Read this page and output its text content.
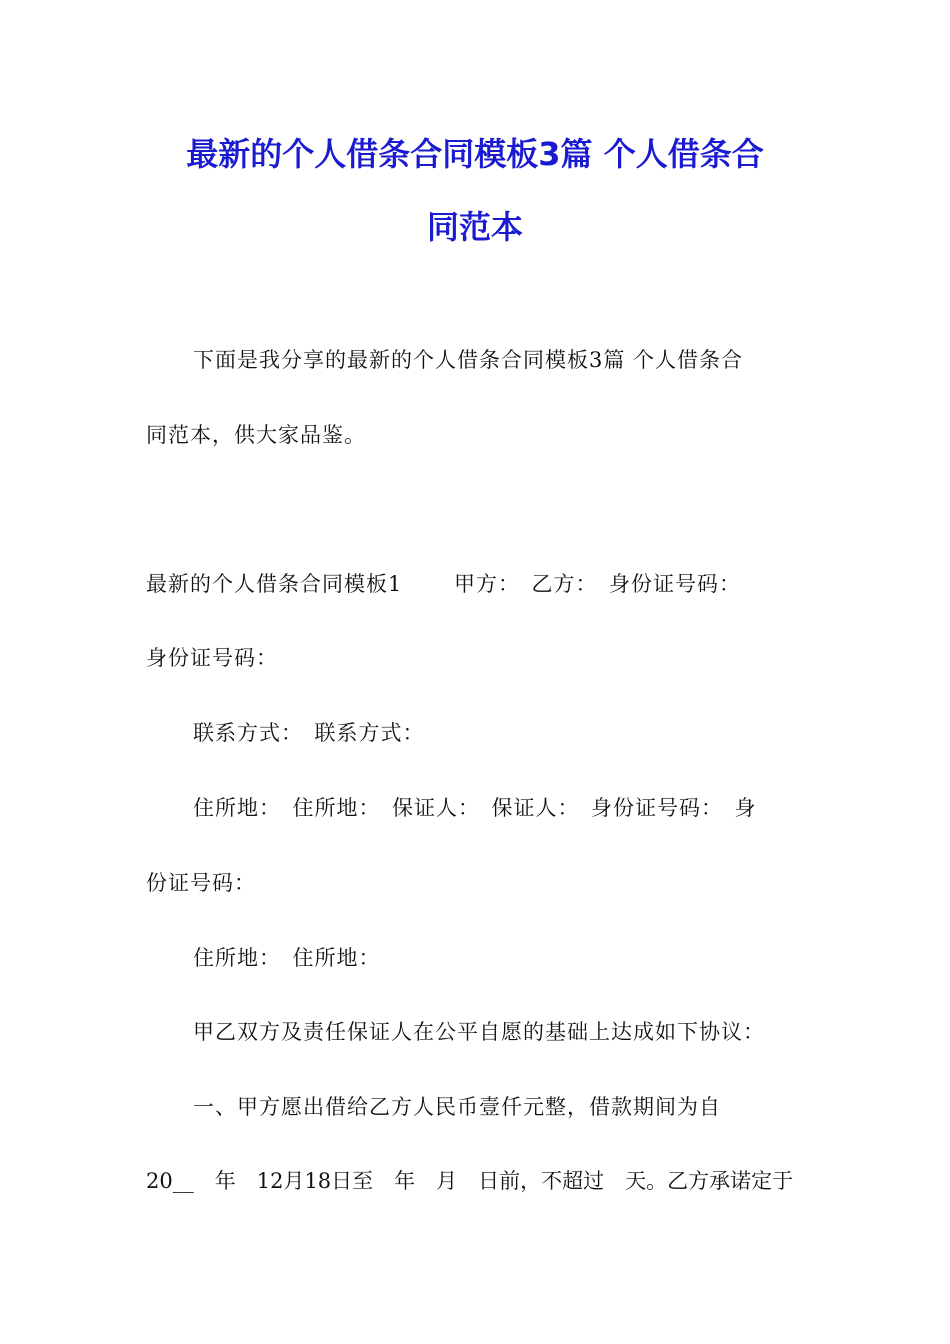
最新的个人借条合同模板3篇 个人借条合
同范本
下面是我分享的最新的个人借条合同模板3篇 个人借条合
同范本，供大家品鉴。
最新的个人借条合同模板1　　 甲方：　乙方：　身份证号码：
身份证号码：
联系方式：　联系方式：
住所地：　住所地：　保证人：　保证人：　身份证号码：　身
份证号码：
住所地：　住所地：
甲乙双方及责任保证人在公平自愿的基础上达成如下协议：
一、甲方愿出借给乙方人民币壹仟元整，借款期间为自
20__　年　12月18日至　年　月　日前，不超过　天。乙方承诺定于
